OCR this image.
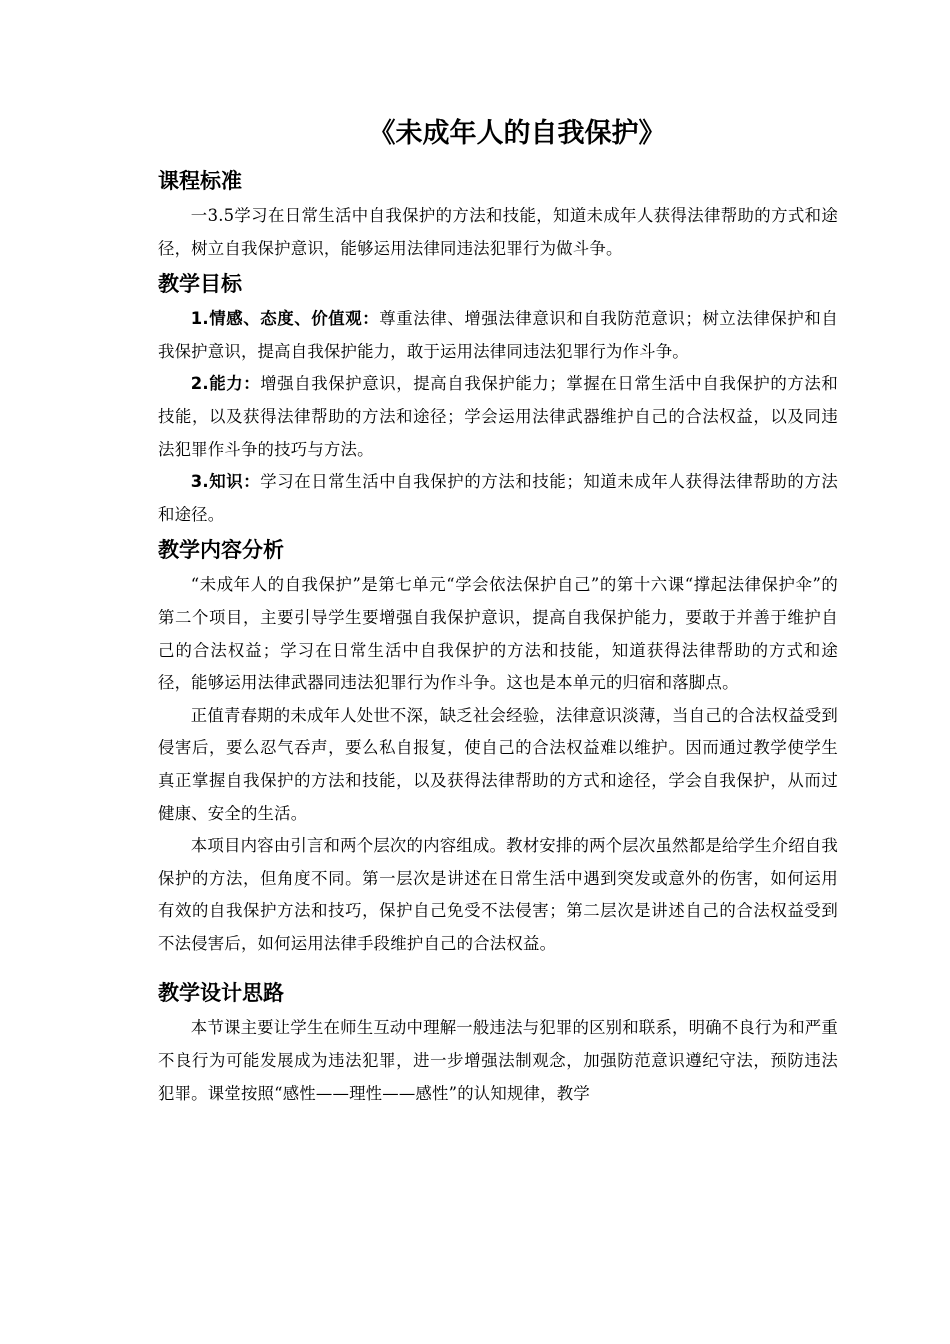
《未成年人的自我保护》
课程标准

一3.5学习在日常生活中自我保护的方法和技能，知道未成年人获得法律帮助的方式和途径，树立自我保护意识，能够运用法律同违法犯罪行为做斗争。

教学目标

1.情感、态度、价值观：尊重法律、增强法律意识和自我防范意识；树立法律保护和自我保护意识，提高自我保护能力，敢于运用法律同违法犯罪行为作斗争。

2.能力：增强自我保护意识，提高自我保护能力；掌握在日常生活中自我保护的方法和技能，以及获得法律帮助的方法和途径；学会运用法律武器维护自己的合法权益，以及同违法犯罪作斗争的技巧与方法。

3.知识：学习在日常生活中自我保护的方法和技能；知道未成年人获得法律帮助的方法和途径。

教学内容分析

“未成年人的自我保护”是第七单元“学会依法保护自己”的第十六课“撑起法律保护伞”的第二个项目，主要引导学生要增强自我保护意识，提高自我保护能力，要敢于并善于维护自己的合法权益；学习在日常生活中自我保护的方法和技能，知道获得法律帮助的方式和途径，能够运用法律武器同违法犯罪行为作斗争。这也是本单元的归宿和落脚点。

正值青春期的未成年人处世不深，缺乏社会经验，法律意识淡薄，当自己的合法权益受到侵害后，要么忍气吞声，要么私自报复，使自己的合法权益难以维护。因而通过教学使学生真正掌握自我保护的方法和技能，以及获得法律帮助的方式和途径，学会自我保护，从而过健康、安全的生活。

本项目内容由引言和两个层次的内容组成。教材安排的两个层次虽然都是给学生介绍自我保护的方法，但角度不同。第一层次是讲述在日常生活中遇到突发或意外的伤害，如何运用有效的自我保护方法和技巧，保护自己免受不法侵害；第二层次是讲述自己的合法权益受到不法侵害后，如何运用法律手段维护自己的合法权益。

教学设计思路

本节课主要让学生在师生互动中理解一般违法与犯罪的区别和联系，明确不良行为和严重不良行为可能发展成为违法犯罪，进一步增强法制观念，加强防范意识遵纪守法，预防违法犯罪。课堂按照“感性——理性——感性”的认知规律，教学
